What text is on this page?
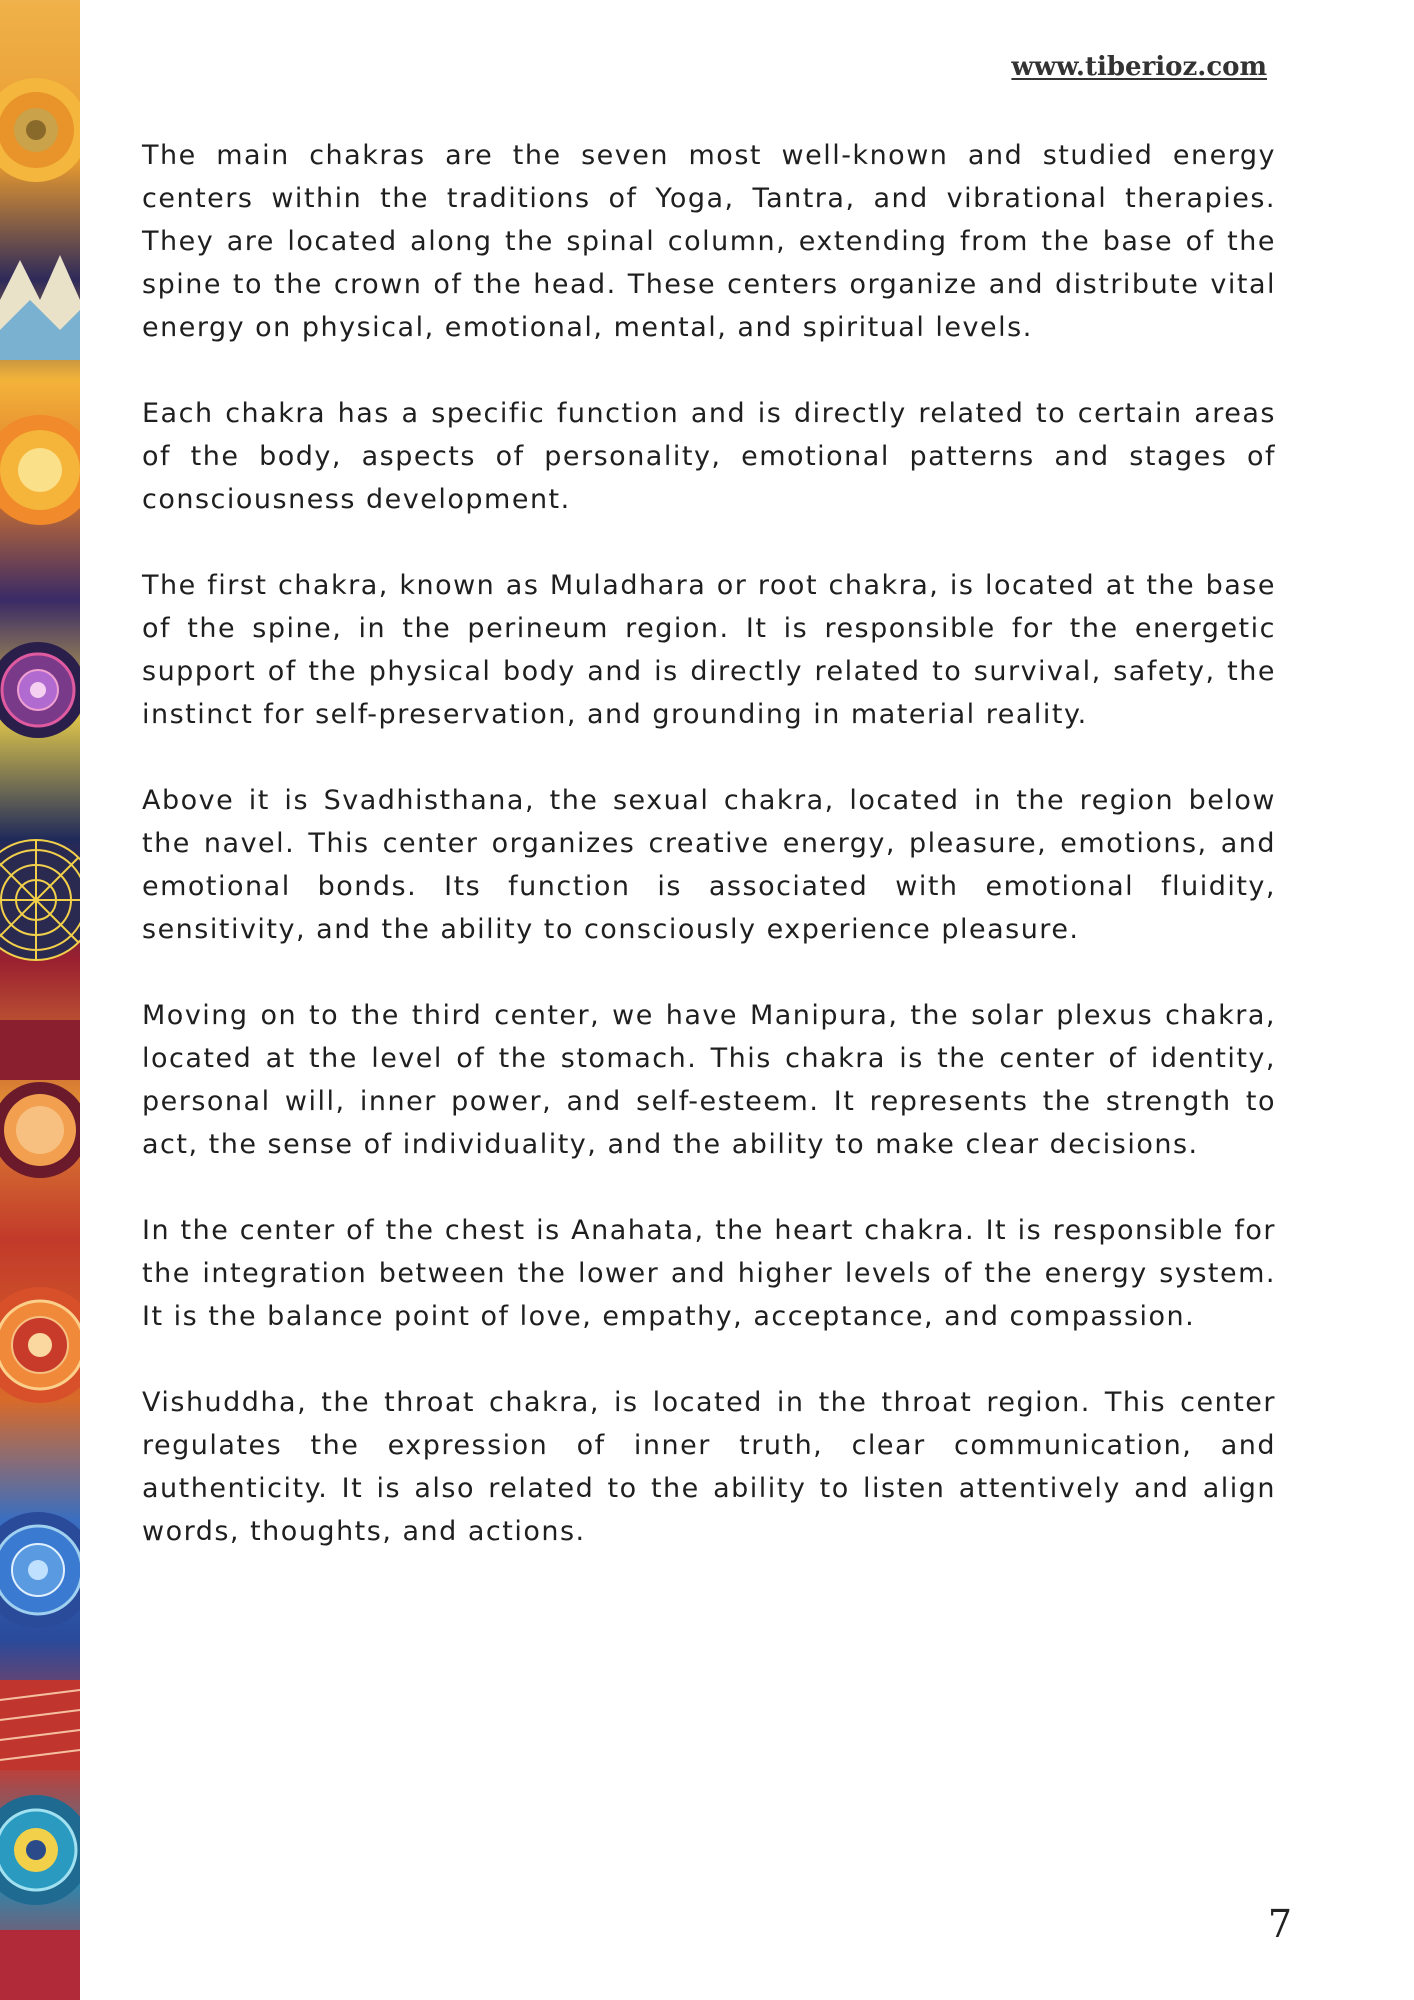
www.tiberioz.com

The main chakras are the seven most well-known and studied energy centers within the traditions of Yoga, Tantra, and vibrational therapies. They are located along the spinal column, extending from the base of the spine to the crown of the head. These centers organize and distribute vital energy on physical, emotional, mental, and spiritual levels.

Each chakra has a specific function and is directly related to certain areas of the body, aspects of personality, emotional patterns and stages of consciousness development.

The first chakra, known as Muladhara or root chakra, is located at the base of the spine, in the perineum region. It is responsible for the energetic support of the physical body and is directly related to survival, safety, the instinct for self-preservation, and grounding in material reality.

Above it is Svadhisthana, the sexual chakra, located in the region below the navel. This center organizes creative energy, pleasure, emotions, and emotional bonds. Its function is associated with emotional fluidity, sensitivity, and the ability to consciously experience pleasure.

Moving on to the third center, we have Manipura, the solar plexus chakra, located at the level of the stomach. This chakra is the center of identity, personal will, inner power, and self-esteem. It represents the strength to act, the sense of individuality, and the ability to make clear decisions.

In the center of the chest is Anahata, the heart chakra. It is responsible for the integration between the lower and higher levels of the energy system. It is the balance point of love, empathy, acceptance, and compassion.

Vishuddha, the throat chakra, is located in the throat region. This center regulates the expression of inner truth, clear communication, and authenticity. It is also related to the ability to listen attentively and align words, thoughts, and actions.

7
